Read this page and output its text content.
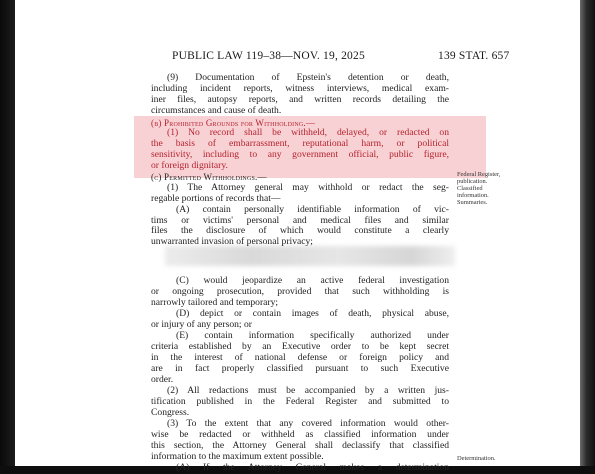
PUBLIC LAW 119–38—NOV. 19, 2025	139 STAT. 657
(9) Documentation of Epstein's detention or death,
including incident reports, witness interviews, medical exam-
iner files, autopsy reports, and written records detailing the
circumstances and cause of death.
(b) Prohibited Grounds for Withholding.—
(1) No record shall be withheld, delayed, or redacted on
the basis of embarrassment, reputational harm, or political
sensitivity, including to any government official, public figure,
or foreign dignitary.
(c) Permitted Withholdings.—
(1) The Attorney general may withhold or redact the seg-
regable portions of records that—
(A) contain personally identifiable information of vic-
tims or victims' personal and medical files and similar
files the disclosure of which would constitute a clearly
unwarranted invasion of personal privacy;
(C) would jeopardize an active federal investigation
or ongoing prosecution, provided that such withholding is
narrowly tailored and temporary;
(D) depict or contain images of death, physical abuse,
or injury of any person; or
(E) contain information specifically authorized under
criteria established by an Executive order to be kept secret
in the interest of national defense or foreign policy and
are in fact properly classified pursuant to such Executive
order.
(2) All redactions must be accompanied by a written jus-
tification published in the Federal Register and submitted to
Congress.
(3) To the extent that any covered information would other-
wise be redacted or withheld as classified information under
this section, the Attorney General shall declassify that classified
information to the maximum extent possible.
(A) If the Attorney General makes a determination
Federal Register,
publication.
Classified
information.
Summaries.
Determination.
